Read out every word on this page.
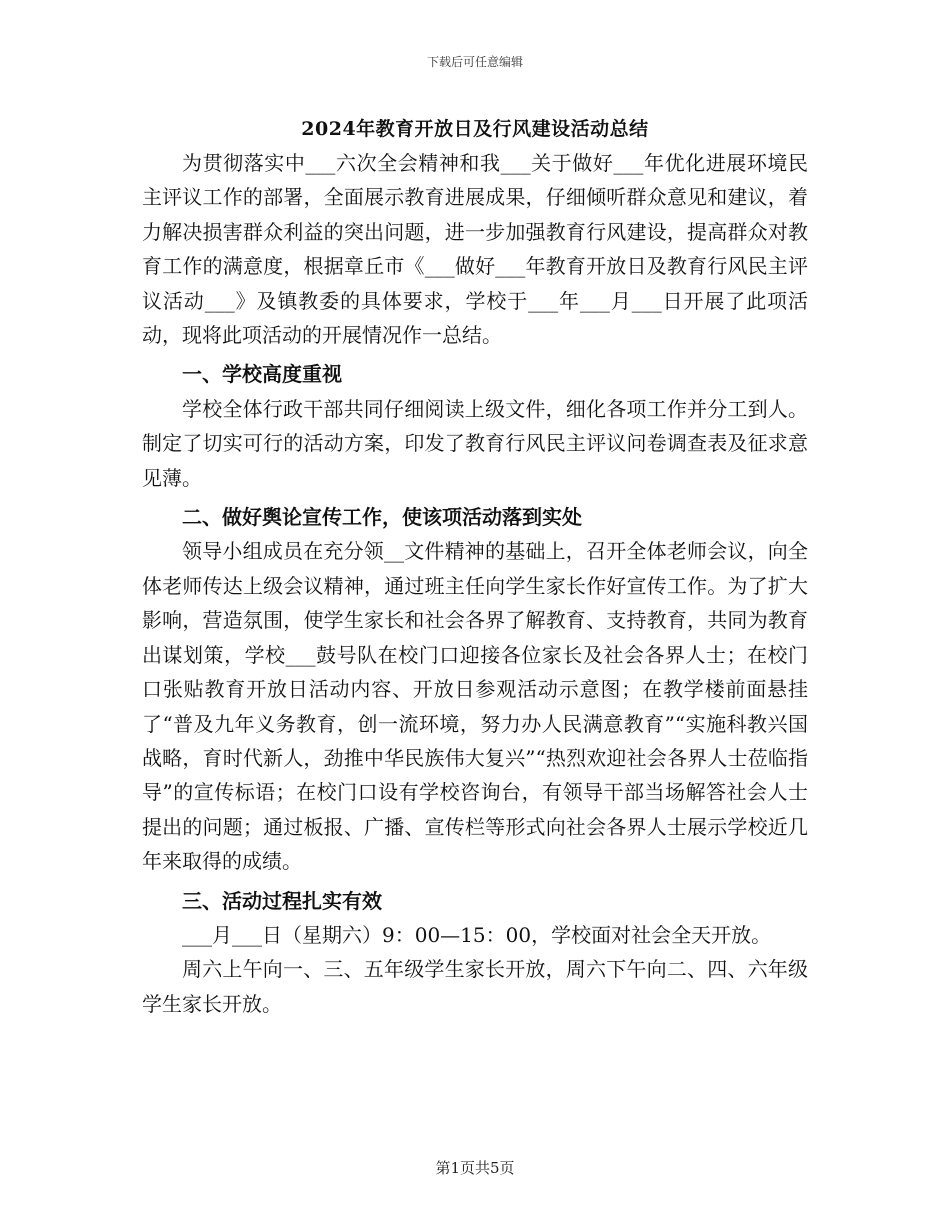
下载后可任意编辑
2024年教育开放日及行风建设活动总结

为贯彻落实中___六次全会精神和我___关于做好___年优化进展环境民主评议工作的部署，全面展示教育进展成果，仔细倾听群众意见和建议，着力解决损害群众利益的突出问题，进一步加强教育行风建设，提高群众对教育工作的满意度，根据章丘市《___做好___年教育开放日及教育行风民主评议活动___》及镇教委的具体要求，学校于___年___月___日开展了此项活动，现将此项活动的开展情况作一总结。

一、学校高度重视

学校全体行政干部共同仔细阅读上级文件，细化各项工作并分工到人。制定了切实可行的活动方案，印发了教育行风民主评议问卷调查表及征求意见薄。

二、做好舆论宣传工作，使该项活动落到实处

领导小组成员在充分领__文件精神的基础上，召开全体老师会议，向全体老师传达上级会议精神，通过班主任向学生家长作好宣传工作。为了扩大影响，营造氛围，使学生家长和社会各界了解教育、支持教育，共同为教育出谋划策，学校___鼓号队在校门口迎接各位家长及社会各界人士；在校门口张贴教育开放日活动内容、开放日参观活动示意图；在教学楼前面悬挂了“普及九年义务教育，创一流环境，努力办人民满意教育”“实施科教兴国战略，育时代新人，劲推中华民族伟大复兴”“热烈欢迎社会各界人士莅临指导”的宣传标语；在校门口设有学校咨询台，有领导干部当场解答社会人士提出的问题；通过板报、广播、宣传栏等形式向社会各界人士展示学校近几年来取得的成绩。

三、活动过程扎实有效

___月___日（星期六）9：00—15：00，学校面对社会全天开放。

周六上午向一、三、五年级学生家长开放，周六下午向二、四、六年级学生家长开放。

第1页共5页
